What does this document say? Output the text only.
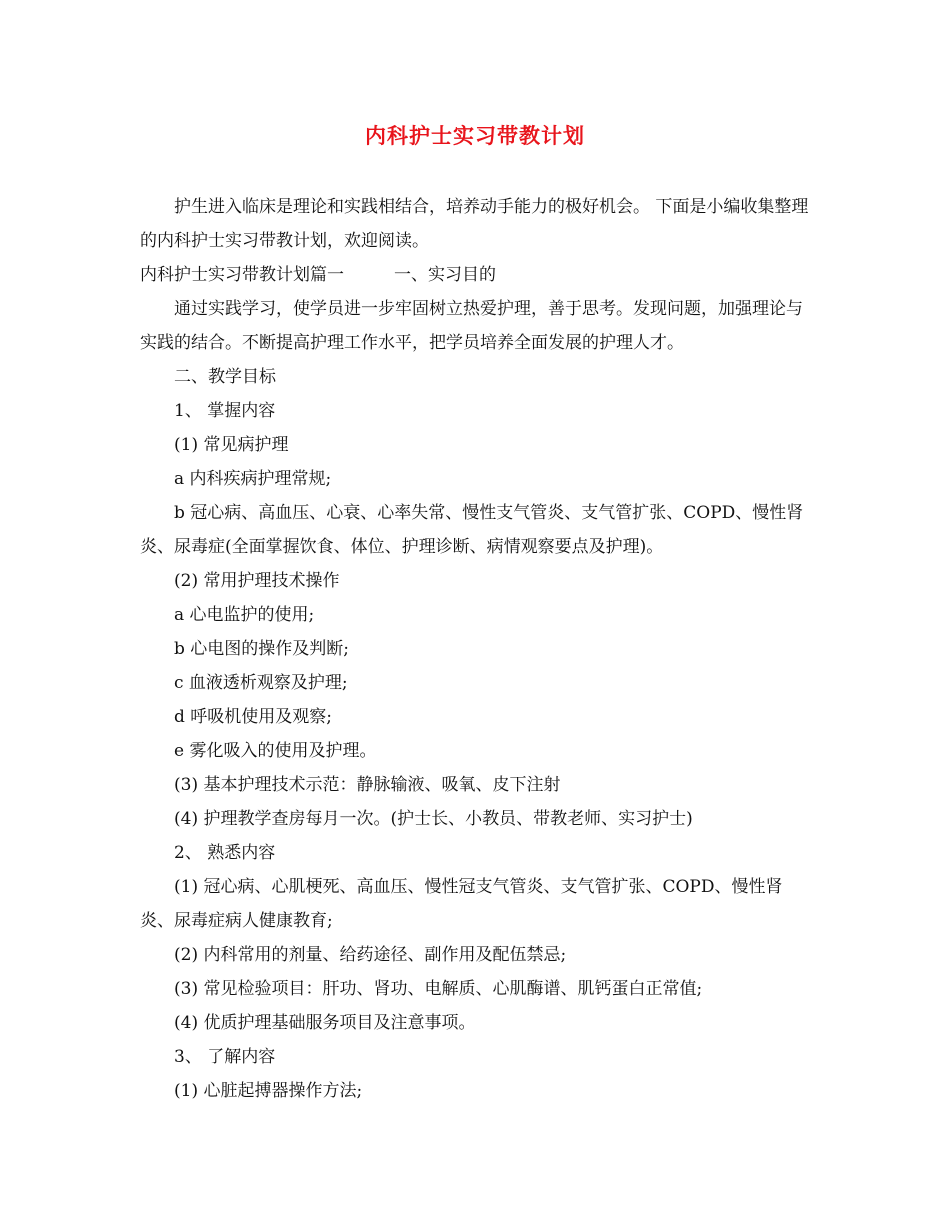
内科护士实习带教计划

护生进入临床是理论和实践相结合，培养动手能力的极好机会。 下面是小编收集整理的内科护士实习带教计划，欢迎阅读。

内科护士实习带教计划篇一	一、实习目的

通过实践学习，使学员进一步牢固树立热爱护理，善于思考。发现问题，加强理论与实践的结合。不断提高护理工作水平，把学员培养全面发展的护理人才。

二、教学目标

1、 掌握内容

(1) 常见病护理

a 内科疾病护理常规;

b 冠心病、高血压、心衰、心率失常、慢性支气管炎、支气管扩张、COPD、慢性肾炎、尿毒症(全面掌握饮食、体位、护理诊断、病情观察要点及护理)。

(2) 常用护理技术操作

a 心电监护的使用;

b 心电图的操作及判断;

c 血液透析观察及护理;

d 呼吸机使用及观察;

e 雾化吸入的使用及护理。

(3) 基本护理技术示范：静脉输液、吸氧、皮下注射

(4) 护理教学查房每月一次。(护士长、小教员、带教老师、实习护士)

2、 熟悉内容

(1) 冠心病、心肌梗死、高血压、慢性冠支气管炎、支气管扩张、COPD、慢性肾炎、尿毒症病人健康教育;

(2) 内科常用的剂量、给药途径、副作用及配伍禁忌;

(3) 常见检验项目：肝功、肾功、电解质、心肌酶谱、肌钙蛋白正常值;

(4) 优质护理基础服务项目及注意事项。

3、 了解内容

(1) 心脏起搏器操作方法;
